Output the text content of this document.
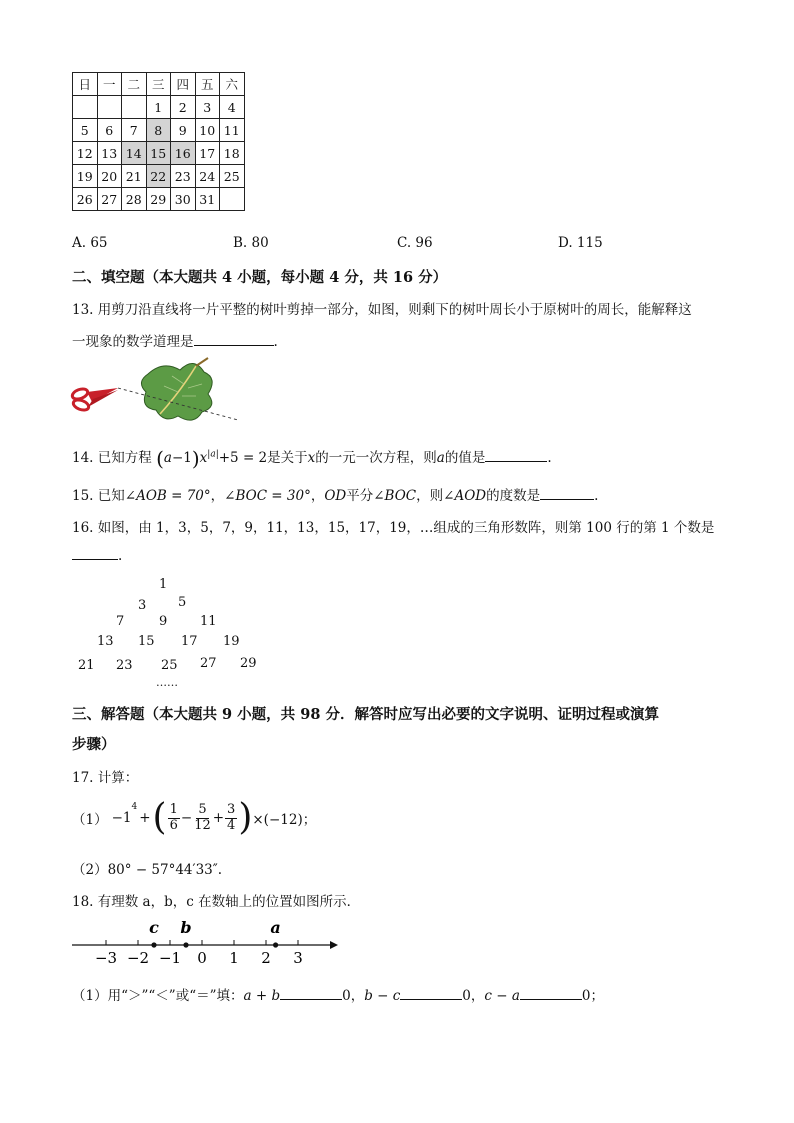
日	一	二	三	四	五	六
			1	2	3	4
5	6	7	8	9	10	11
12	13	14	15	16	17	18
19	20	21	22	23	24	25
26	27	28	29	30	31	
A. 65	B. 80	C. 96	D. 115
二、填空题（本大题共 4 小题，每小题 4 分，共 16 分）
13. 用剪刀沿直线将一片平整的树叶剪掉一部分，如图，则剩下的树叶周长小于原树叶的周长，能解释这
一现象的数学道理是	.
14. 已知方程 $(a-1)x^{|a|}+5 = 2$是关于x的一元一次方程，则a的值是	.
15. 已知∠AOB = 70°，∠BOC = 30°，OD平分∠BOC，则∠AOD的度数是	.
16. 如图，由 1，3，5，7，9，11，13，15，17，19，…组成的三角形数阵，则第 100 行的第 1 个数是
.
1
3 5
7	9	11
13 15 17 19
21 23 25 27 29
……
三、解答题（本大题共 9 小题，共 98 分．解答时应写出必要的文字说明、证明过程或演算
步骤）
17. 计算：
（1） −1
$^4$
+ ( $\frac{1}{6} - \frac{5}{12} + \frac{3}{4}$ ) ×(−12)；
（2）80° − 57°44′33″.
18. 有理数 a，b，c 在数轴上的位置如图所示．
−3 −2 −1 0 1 2 3
c b	a
（1）用“＞”“＜”或“＝”填：a + b	0，b − c	0，c − a	0；
